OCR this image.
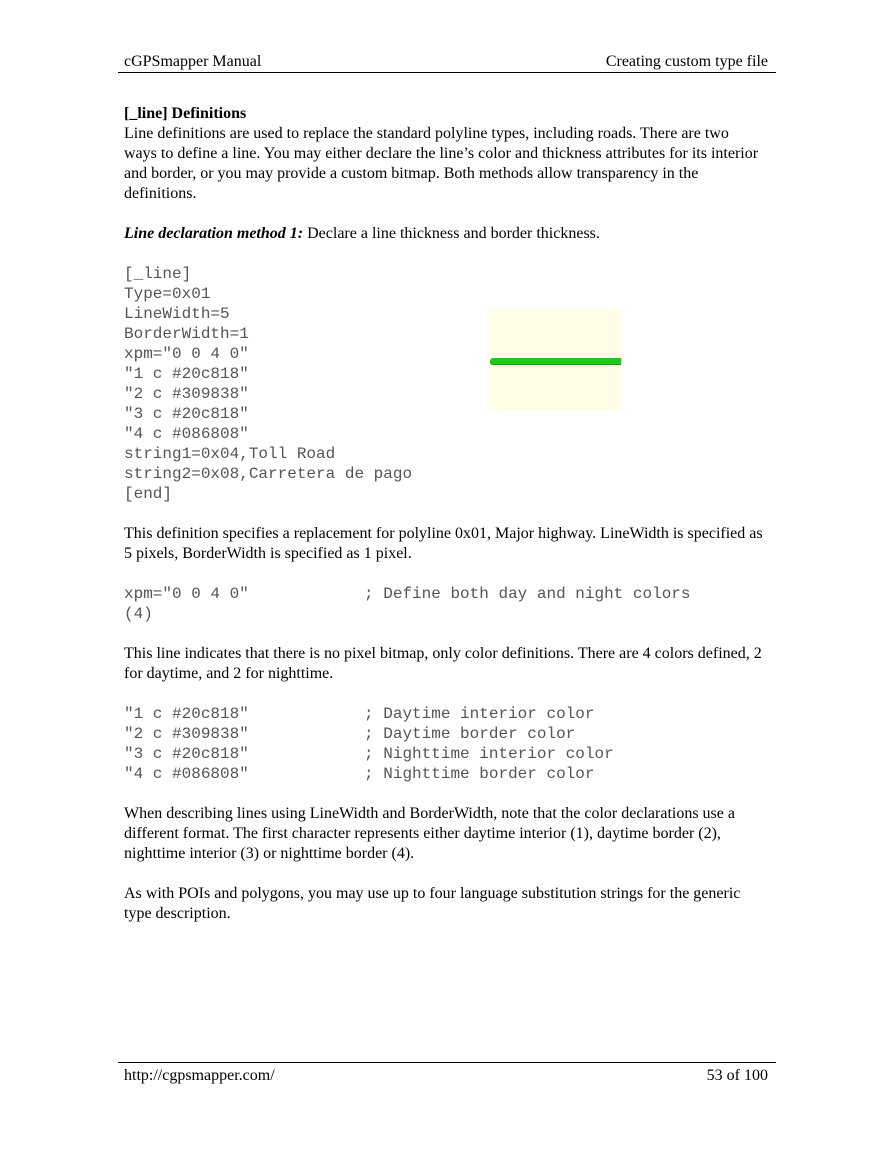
cGPSmapper Manual	Creating custom type file

[_line] Definitions

Line definitions are used to replace the standard polyline types, including roads. There are two ways to define a line. You may either declare the line’s color and thickness attributes for its interior and border, or you may provide a custom bitmap. Both methods allow transparency in the definitions.

Line declaration method 1: Declare a line thickness and border thickness.

[_line]
Type=0x01
LineWidth=5
BorderWidth=1
xpm="0 0 4 0"
"1 c #20c818"
"2 c #309838"
"3 c #20c818"
"4 c #086808"
string1=0x04,Toll Road
string2=0x08,Carretera de pago
[end]

This definition specifies a replacement for polyline 0x01, Major highway. LineWidth is specified as 5 pixels, BorderWidth is specified as 1 pixel.

xpm="0 0 4 0"            ; Define both day and night colors
(4)

This line indicates that there is no pixel bitmap, only color definitions. There are 4 colors defined, 2 for daytime, and 2 for nighttime.

"1 c #20c818"            ; Daytime interior color
"2 c #309838"            ; Daytime border color
"3 c #20c818"            ; Nighttime interior color
"4 c #086808"            ; Nighttime border color

When describing lines using LineWidth and BorderWidth, note that the color declarations use a different format. The first character represents either daytime interior (1), daytime border (2), nighttime interior (3) or nighttime border (4).

As with POIs and polygons, you may use up to four language substitution strings for the generic type description.

http://cgpsmapper.com/	53 of 100
